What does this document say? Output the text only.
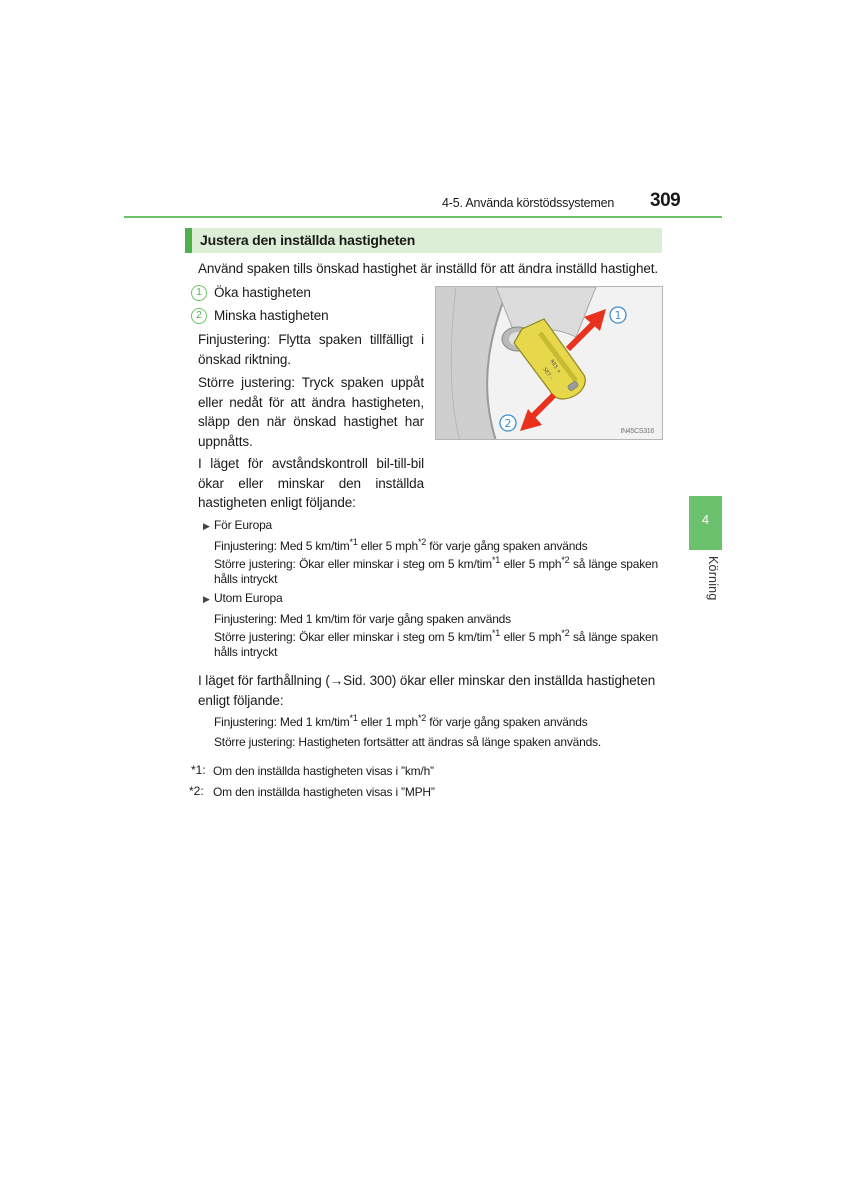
4-5. Använda körstödssystemen 309
Justera den inställda hastigheten
Använd spaken tills önskad hastighet är inställd för att ändra inställd hastighet.
1 Öka hastigheten
2 Minska hastigheten
Finjustering: Flytta spaken tillfälligt i önskad riktning.
Större justering: Tryck spaken uppåt eller nedåt för att ändra hastigheten, släpp den när önskad hastighet har uppnåtts.
I läget för avståndskontroll bil-till-bil ökar eller minskar den inställda hastigheten enligt följande:
RES +
SET -
1
2
IN45CS316
▶ För Europa
Finjustering: Med 5 km/tim$^{*1}$ eller 5 mph$^{*2}$ för varje gång spaken används
Större justering: Ökar eller minskar i steg om 5 km/tim$^{*1}$ eller 5 mph$^{*2}$ så länge spaken hålls intryckt
▶ Utom Europa
Finjustering: Med 1 km/tim för varje gång spaken används
Större justering: Ökar eller minskar i steg om 5 km/tim$^{*1}$ eller 5 mph$^{*2}$ så länge spaken hålls intryckt
I läget för farthållning (→Sid. 300) ökar eller minskar den inställda hastigheten enligt följande:
Finjustering: Med 1 km/tim$^{*1}$ eller 1 mph$^{*2}$ för varje gång spaken används
Större justering: Hastigheten fortsätter att ändras så länge spaken används.
*1: Om den inställda hastigheten visas i ”km/h”
*2: Om den inställda hastigheten visas i ”MPH”
4
Körning
